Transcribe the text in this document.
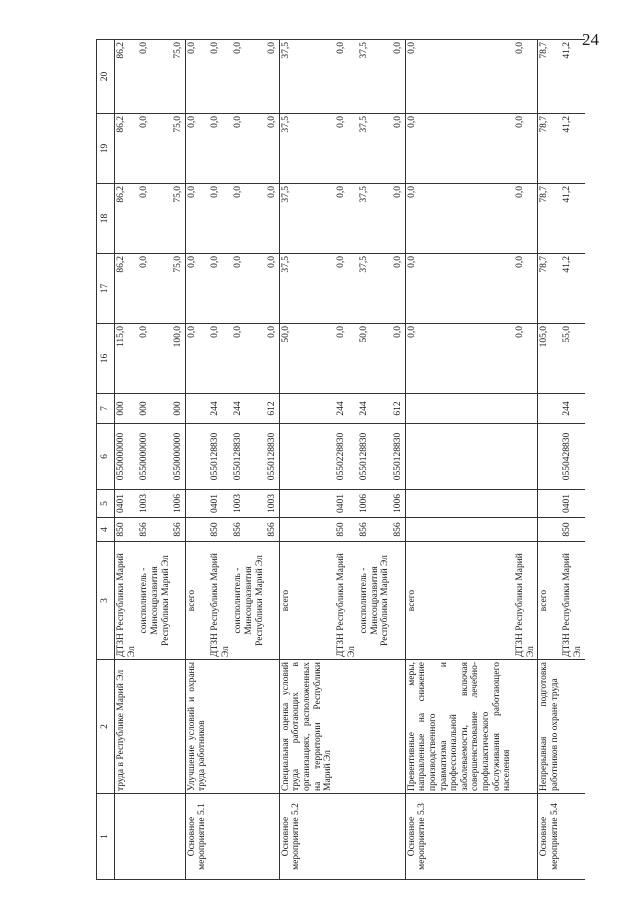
24
1	2	3	4	5	6	7	16	17	18	19	20
	труда в Республике Марий Эл	ДТЗН Республики Марий Эл	850	0401	0550000000	000	115,0	86,2	86,2	86,2	86,2
		соисполнитель - Минсоцразвития Республики Марий Эл	856	1003	0550000000	000	0,0	0,0	0,0	0,0	0,0
			856	1006	0550000000	000	100,0	75,0	75,0	75,0	75,0
Основное мероприятие 5.1	Улучшение условий и охраны труда работников	всего					0,0	0,0	0,0	0,0	0,0
		ДТЗН Республики Марий Эл	850	0401	0550128830	244	0,0	0,0	0,0	0,0	0,0
		соисполнитель - Минсоцразвития Республики Марий Эл	856	1003	0550128830	244	0,0	0,0	0,0	0,0	0,0
			856	1003	0550128830	612	0,0	0,0	0,0	0,0	0,0
Основное мероприятие 5.2	Специальная оценка условий труда работающих в организациях, расположенных на территории Республики Марий Эл	всего					50,0	37,5	37,5	37,5	37,5
		ДТЗН Республики Марий Эл	850	0401	0550228830	244	0,0	0,0	0,0	0,0	0,0
		соисполнитель - Минсоцразвития Республики Марий Эл	856	1006	0550128830	244	50,0	37,5	37,5	37,5	37,5
			856	1006	0550128830	612	0,0	0,0	0,0	0,0	0,0
Основное мероприятие 5.3	Превентивные меры, направленные на снижение производственного травматизма и профессиональной заболеваемости, включая совершенствование лечебно-профилактического обслуживания работающего населения	всего					0,0	0,0	0,0	0,0	0,0
		ДТЗН Республики Марий Эл					0,0	0,0	0,0	0,0	0,0
Основное мероприятие 5.4	Непрерывная подготовка работников по охране труда	всего					105,0	78,7	78,7	78,7	78,7
		ДТЗН Республики Марий Эл	850	0401	0550428830	244	55,0	41,2	41,2	41,2	41,2
